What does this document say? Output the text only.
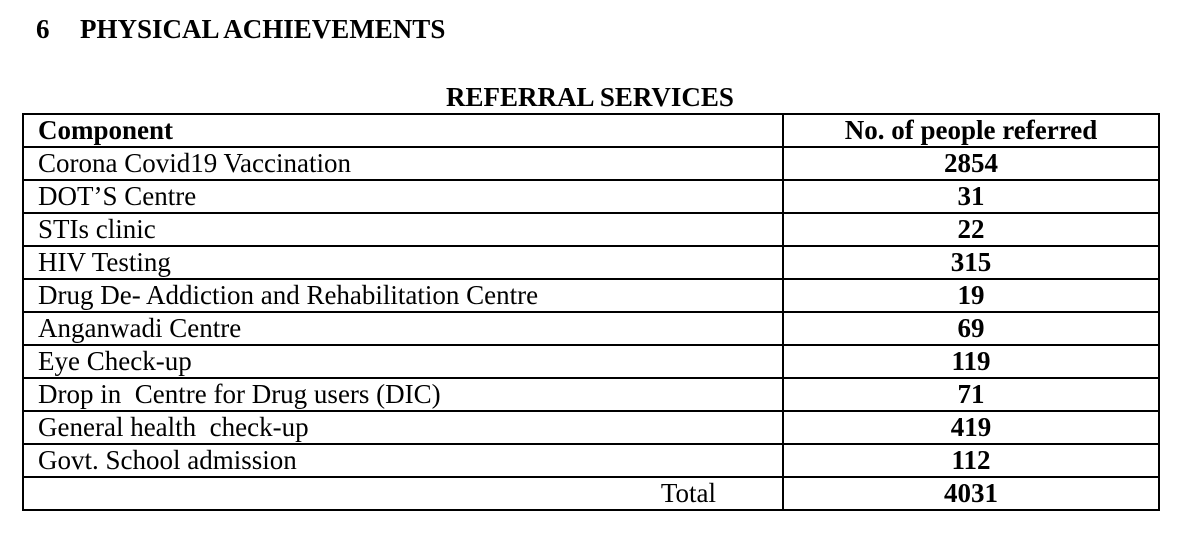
6 PHYSICAL ACHIEVEMENTS
REFERRAL SERVICES
Component	No. of people referred
Corona Covid19 Vaccination	2854
DOT’S Centre	31
STIs clinic	22
HIV Testing	315
Drug De- Addiction and Rehabilitation Centre	19
Anganwadi Centre	69
Eye Check-up	119
Drop in  Centre for Drug users (DIC)	71
General health  check-up	419
Govt. School admission	112
Total	4031
